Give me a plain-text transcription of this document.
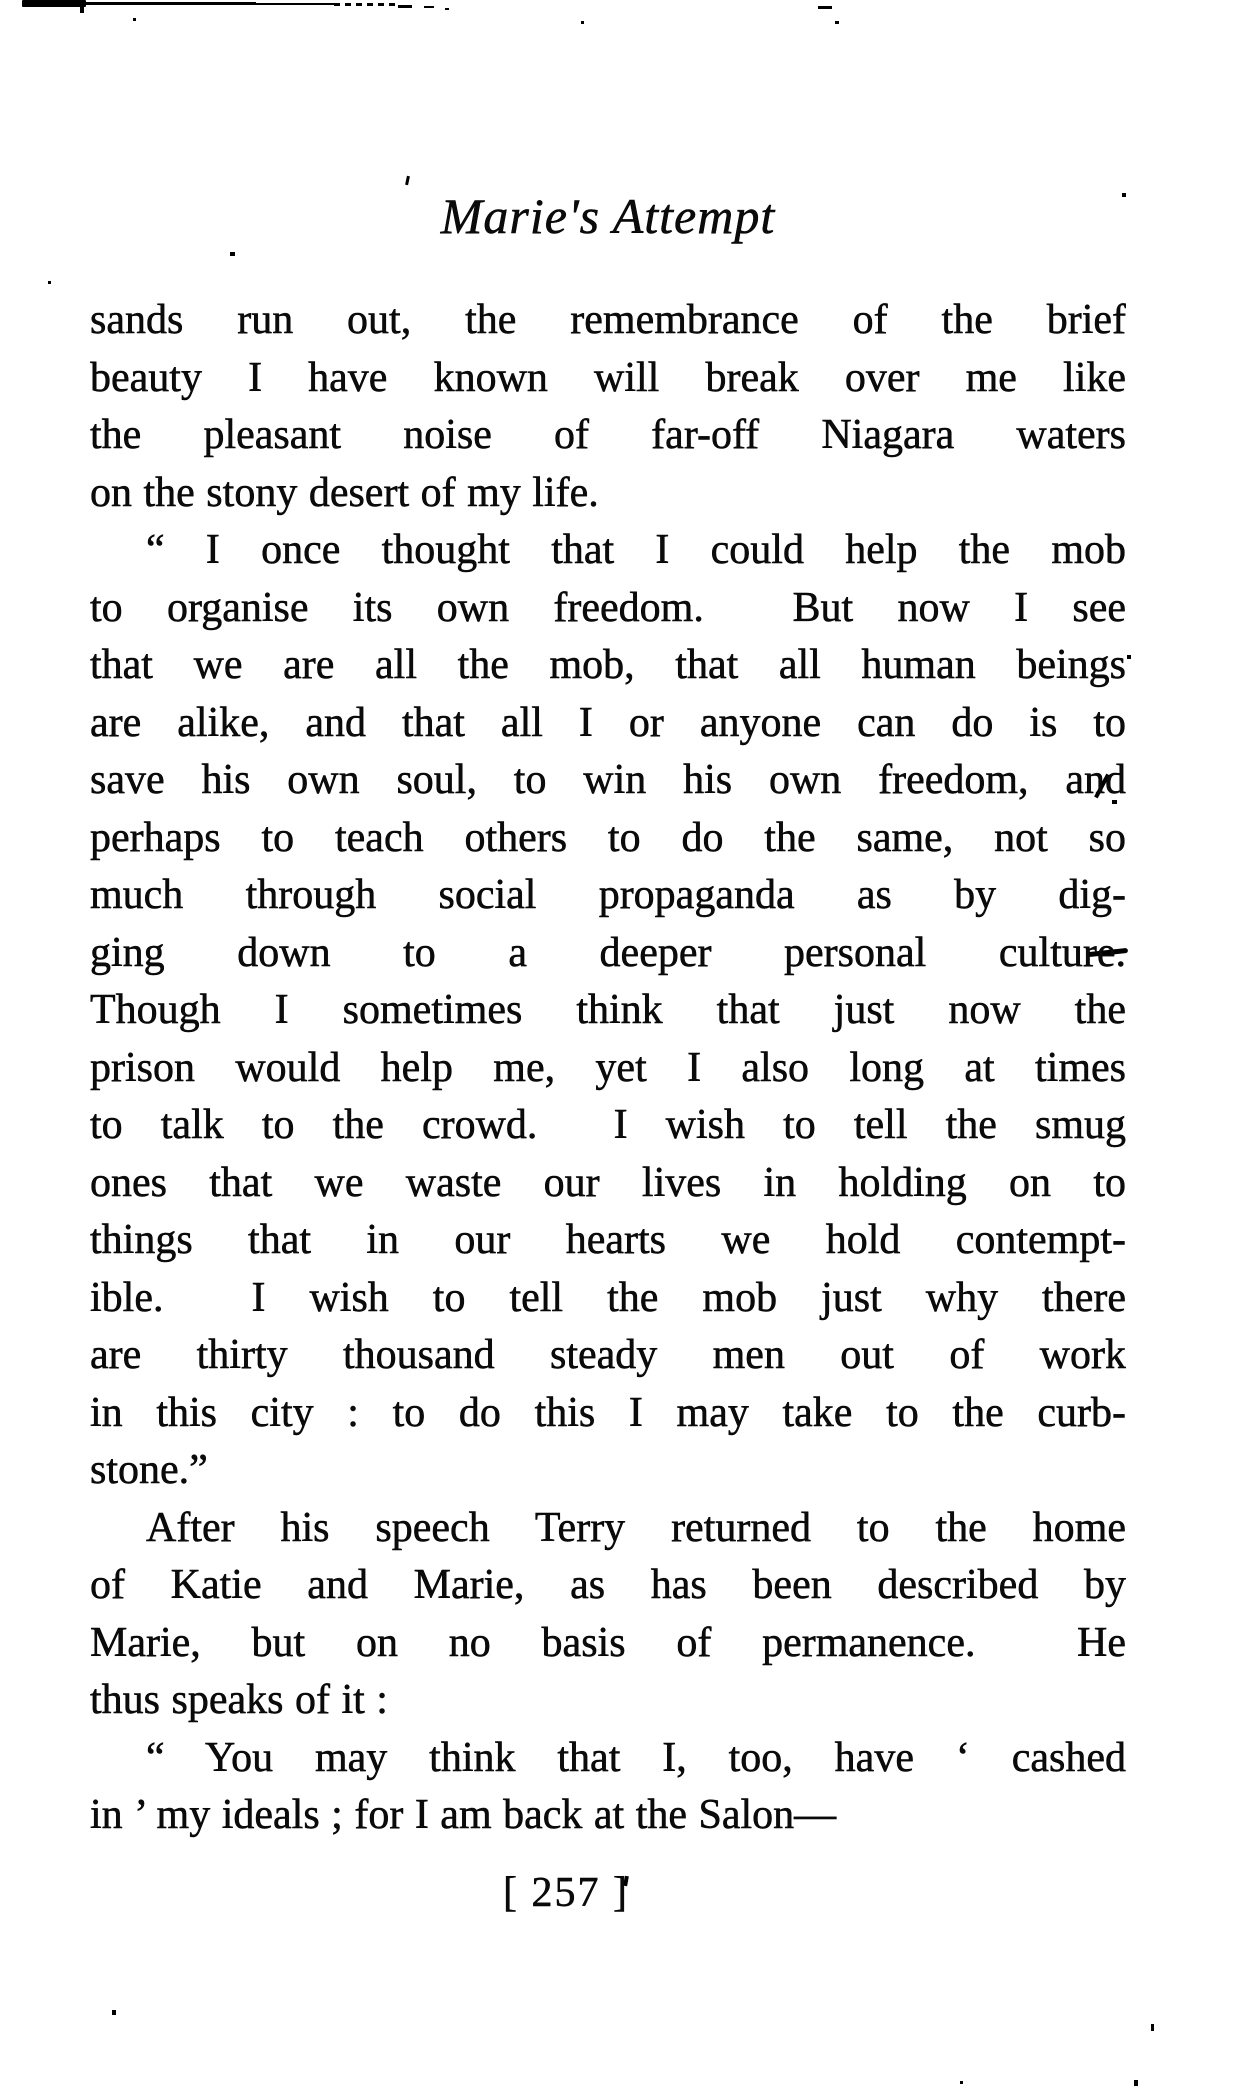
Marie's Attempt
sands run out, the remembrance of the brief
beauty I have known will break over me like
the pleasant noise of far-off Niagara waters
on the stony desert of my life.
“ I once thought that I could help the mob
to organise its own freedom.  But now I see
that we are all the mob, that all human beings
are alike, and that all I or anyone can do is to
save his own soul, to win his own freedom, and
perhaps to teach others to do the same, not so
much through social propaganda as by dig-
ging down to a deeper personal culture.
Though I sometimes think that just now the
prison would help me, yet I also long at times
to talk to the crowd.  I wish to tell the smug
ones that we waste our lives in holding on to
things that in our hearts we hold contempt-
ible.  I wish to tell the mob just why there
are thirty thousand steady men out of work
in this city : to do this I may take to the curb-
stone.”
After his speech Terry returned to the home
of Katie and Marie, as has been described by
Marie, but on no basis of permanence.  He
thus speaks of it :
“ You may think that I, too, have ‘ cashed
in ’ my ideals ; for I am back at the Salon—
[ 257 ]
